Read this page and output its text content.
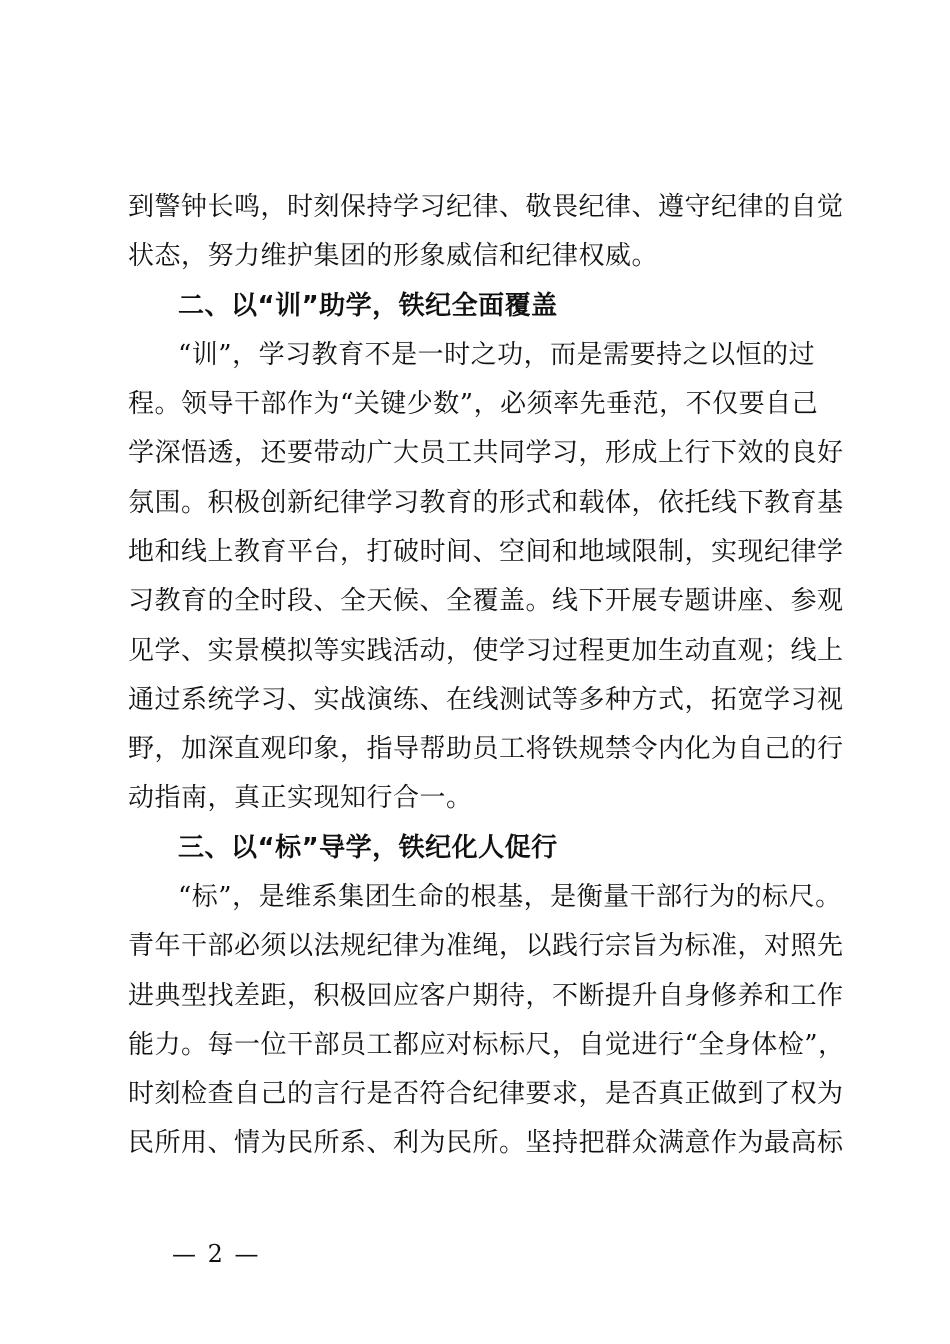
到警钟长鸣，时刻保持学习纪律、敬畏纪律、遵守纪律的自觉
状态，努力维护集团的形象威信和纪律权威。
二、以“训”助学，铁纪全面覆盖
“训”，学习教育不是一时之功，而是需要持之以恒的过
程。领导干部作为“关键少数”，必须率先垂范，不仅要自己
学深悟透，还要带动广大员工共同学习，形成上行下效的良好
氛围。积极创新纪律学习教育的形式和载体，依托线下教育基
地和线上教育平台，打破时间、空间和地域限制，实现纪律学
习教育的全时段、全天候、全覆盖。线下开展专题讲座、参观
见学、实景模拟等实践活动，使学习过程更加生动直观；线上
通过系统学习、实战演练、在线测试等多种方式，拓宽学习视
野，加深直观印象，指导帮助员工将铁规禁令内化为自己的行
动指南，真正实现知行合一。
三、以“标”导学，铁纪化人促行
“标”，是维系集团生命的根基，是衡量干部行为的标尺。
青年干部必须以法规纪律为准绳，以践行宗旨为标准，对照先
进典型找差距，积极回应客户期待，不断提升自身修养和工作
能力。每一位干部员工都应对标标尺，自觉进行“全身体检”，
时刻检查自己的言行是否符合纪律要求，是否真正做到了权为
民所用、情为民所系、利为民所。坚持把群众满意作为最高标
— 2 —
